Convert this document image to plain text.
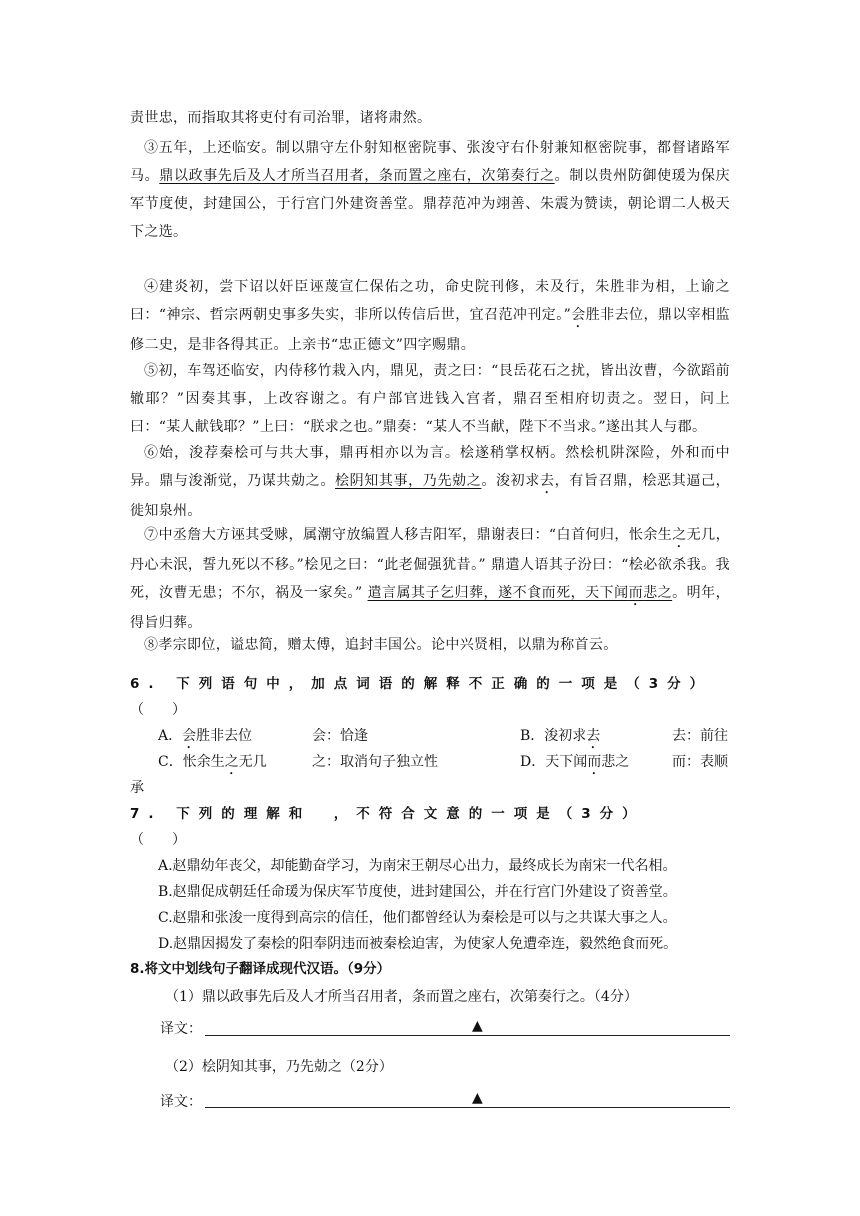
责世忠，而指取其将吏付有司治罪，诸将肃然。
③五年，上还临安。制以鼎守左仆射知枢密院事、张浚守右仆射兼知枢密院事，都督诸路军马。鼎以政事先后及人才所当召用者，条而置之座右，次第奏行之。制以贵州防御使瑗为保庆军节度使，封建国公，于行宫门外建资善堂。鼎荐范冲为翊善、朱震为赞读，朝论谓二人极天下之选。
④建炎初，尝下诏以奸臣诬蔑宣仁保佑之功，命史院刊修，未及行，朱胜非为相，上谕之曰：“神宗、哲宗两朝史事多失实，非所以传信后世，宜召范冲刊定。”会胜非去位，鼎以宰相监修二史，是非各得其正。上亲书“忠正德文”四字赐鼎。
⑤初，车驾还临安，内侍移竹栽入内，鼎见，责之曰：“艮岳花石之扰，皆出汝曹，今欲蹈前辙耶？”因奏其事，上改容谢之。有户部官进钱入宫者，鼎召至相府切责之。翌日，问上曰：“某人献钱耶？”上曰：“朕求之也。”鼎奏：“某人不当献，陛下不当求。”遂出其人与郡。
⑥始，浚荐秦桧可与共大事，鼎再相亦以为言。桧遂稍掌权柄。然桧机阱深险，外和而中异。鼎与浚渐觉，乃谋共勀之。桧阴知其事，乃先勀之。浚初求去，有旨召鼎，桧恶其逼己，徙知泉州。
⑦中丞詹大方诬其受赇，属潮守放编置人移吉阳军，鼎谢表曰：“白首何归，怅余生之无几，丹心未泯，誓九死以不移。”桧见之曰：“此老倔强犹昔。” 鼎遣人语其子汾曰：“桧必欲杀我。我死，汝曹无患；不尔，祸及一家矣。” 遣言属其子乞归葬，遂不食而死，天下闻而悲之。明年，得旨归葬。
⑧孝宗即位，谥忠简，赠太傅，追封丰国公。论中兴贤相，以鼎为称首云。
6. 下列语句中，加点词语的解释不正确的一项是（3分）
（　　）
A．会胜非去位	会：恰逢	B．浚初求去	去：前往
C．怅余生之无几	之：取消句子独立性	D．天下闻而悲之	而：表顺
承
7. 下列的理解和　，不符合文意的一项是（3分）
（　　）
A.赵鼎幼年丧父，却能勤奋学习，为南宋王朝尽心出力，最终成长为南宋一代名相。
B.赵鼎促成朝廷任命瑗为保庆军节度使，进封建国公，并在行宫门外建设了资善堂。
C.赵鼎和张浚一度得到高宗的信任，他们都曾经认为秦桧是可以与之共谋大事之人。
D.赵鼎因揭发了秦桧的阳奉阴违而被秦桧迫害，为使家人免遭牵连，毅然绝食而死。
8.将文中划线句子翻译成现代汉语。（9分）
（1）鼎以政事先后及人才所当召用者，条而置之座右，次第奏行之。（4分）
译文：	▲
（2）桧阴知其事，乃先勀之（2分）
译文：	▲
